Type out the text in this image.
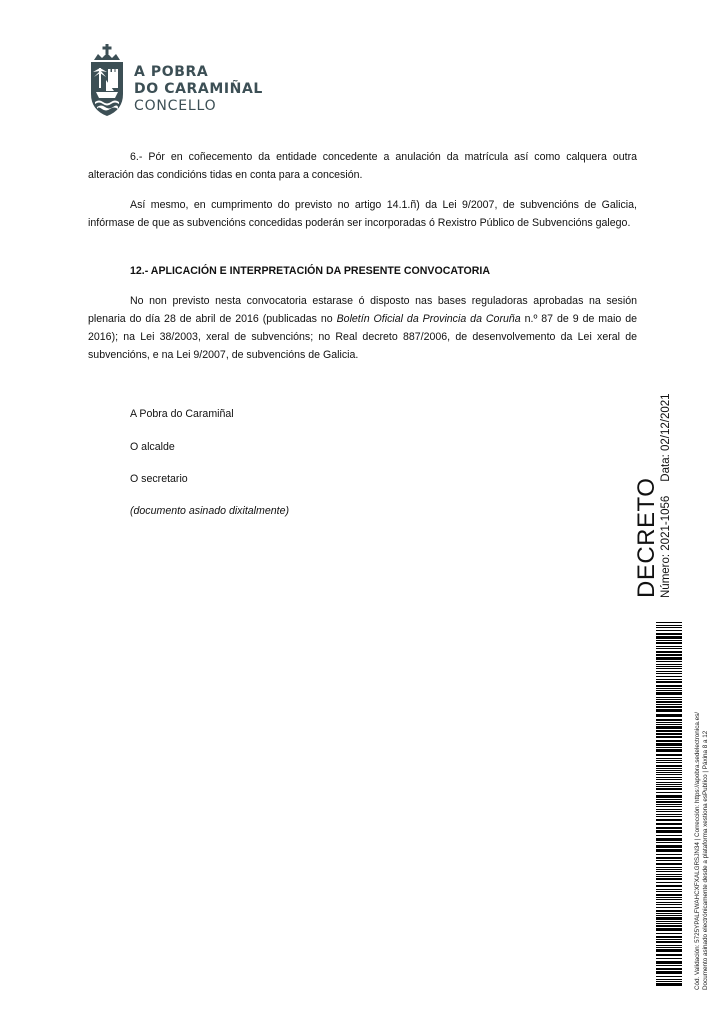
A POBRA
DO CARAMIÑAL
CONCELLO

6.- Pór en coñecemento da entidade concedente a anulación da matrícula así como calquera outra alteración das condicións tidas en conta para a concesión.

Así mesmo, en cumprimento do previsto no artigo 14.1.ñ) da Lei 9/2007, de subvencións de Galicia, infórmase de que as subvencións concedidas poderán ser incorporadas ó Rexistro Público de Subvencións galego.

12.- APLICACIÓN E INTERPRETACIÓN DA PRESENTE CONVOCATORIA

No non previsto nesta convocatoria estarase ó disposto nas bases reguladoras aprobadas na sesión plenaria do día 28 de abril de 2016 (publicadas no Boletín Oficial da Provincia da Coruña n.º 87 de 9 de maio de 2016); na Lei 38/2003, xeral de subvencións; no Real decreto 887/2006, de desenvolvemento da Lei xeral de subvencións, e na Lei 9/2007, de subvencións de Galicia.

A Pobra do Caramiñal
O alcalde
O secretario
(documento asinado dixitalmente)	DECRETO Número: 2021-1056Data: 02/12/2021
Cód. Validación: 5725YPALFWAHCXFXALGRSJN34 | Corrección: https://apobra.sedelectronica.es/ Documento asinado electrónicamente desde a plataforma xestiona esPublico | Páxina 8 a 12
